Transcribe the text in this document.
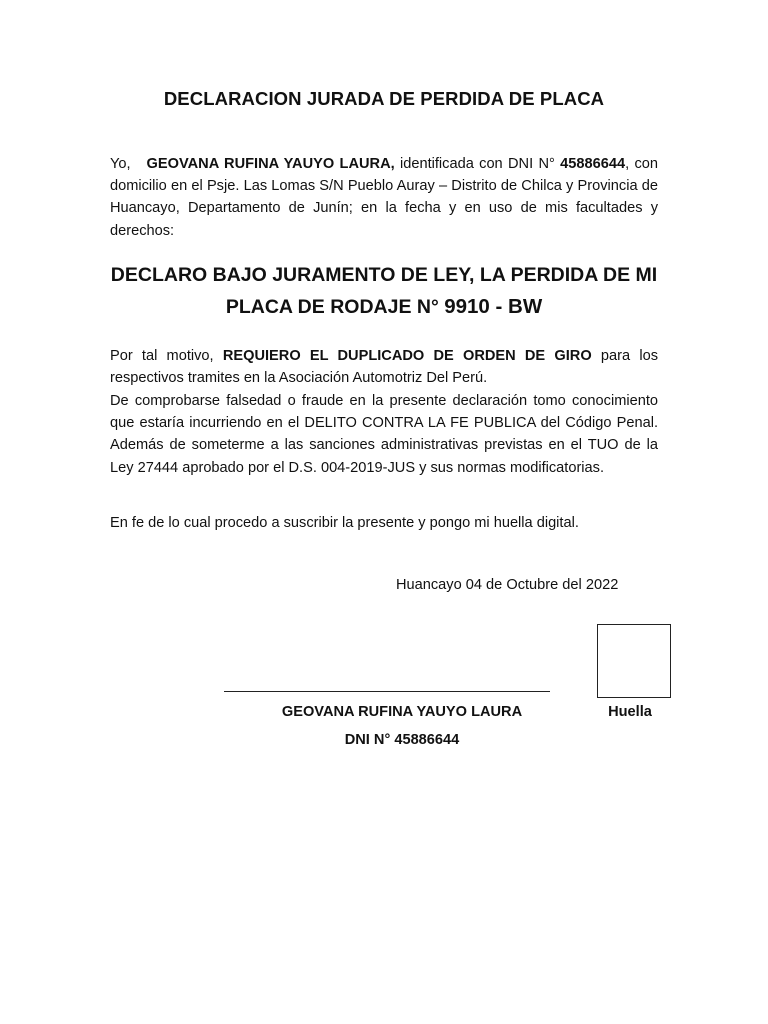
DECLARACION JURADA DE PERDIDA DE PLACA
Yo, GEOVANA RUFINA YAUYO LAURA, identificada con DNI N° 45886644, con domicilio en el Psje. Las Lomas S/N Pueblo Auray – Distrito de Chilca y Provincia de Huancayo, Departamento de Junín; en la fecha y en uso de mis facultades y derechos:
DECLARO BAJO JURAMENTO DE LEY, LA PERDIDA DE MI
PLACA DE RODAJE N° 9910 - BW
Por tal motivo, REQUIERO EL DUPLICADO DE ORDEN DE GIRO para los respectivos tramites en la Asociación Automotriz Del Perú.
De comprobarse falsedad o fraude en la presente declaración tomo conocimiento que estaría incurriendo en el DELITO CONTRA LA FE PUBLICA del Código Penal. Además de someterme a las sanciones administrativas previstas en el TUO de la Ley 27444 aprobado por el D.S. 004-2019-JUS y sus normas modificatorias.
En fe de lo cual procedo a suscribir la presente y pongo mi huella digital.
Huancayo 04 de Octubre del 2022
Huella
GEOVANA RUFINA YAUYO LAURA
DNI N° 45886644
